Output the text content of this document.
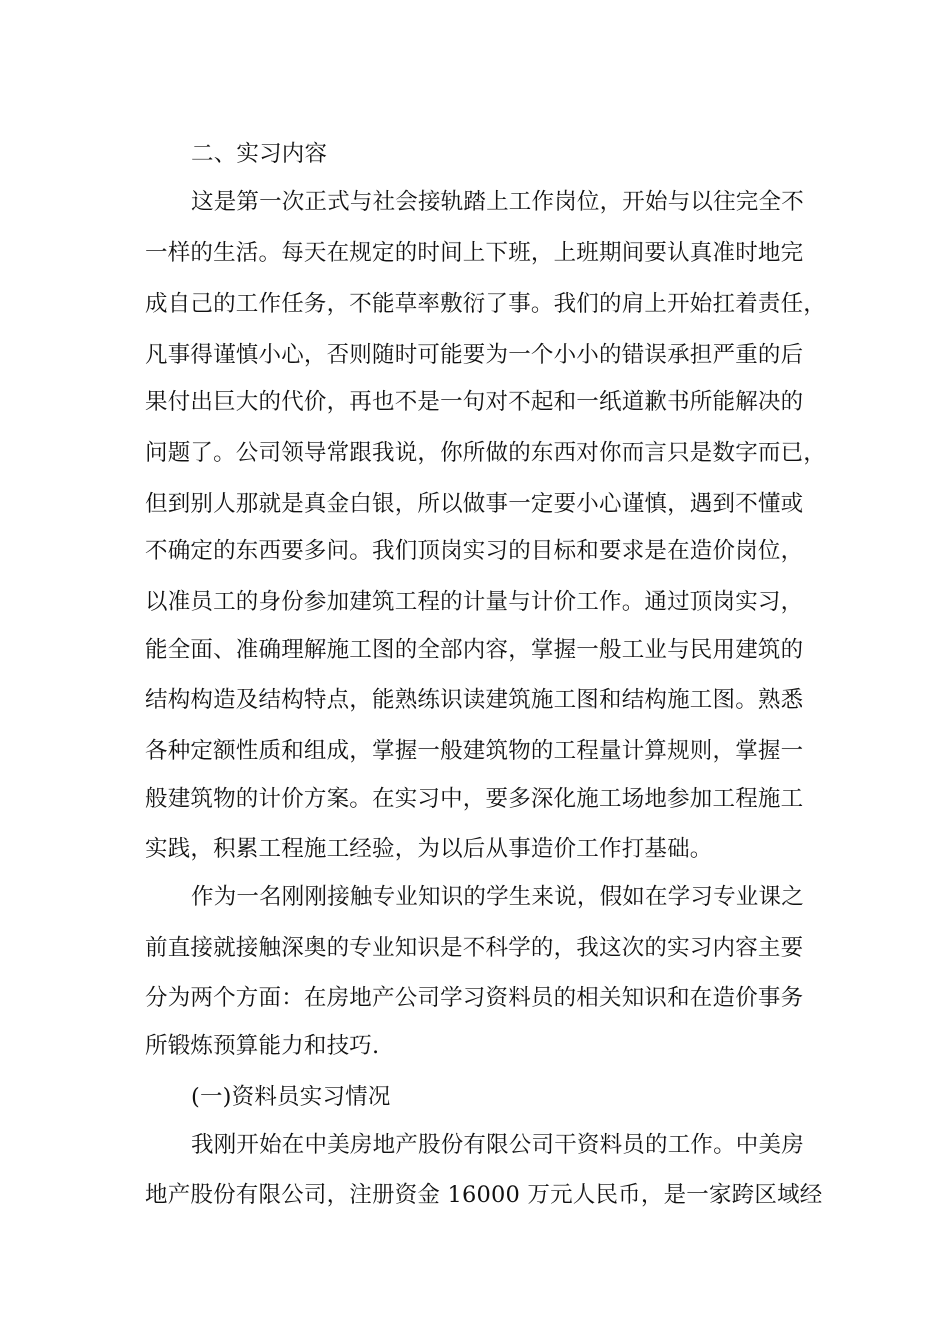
二、实习内容
这是第一次正式与社会接轨踏上工作岗位，开始与以往完全不
一样的生活。每天在规定的时间上下班，上班期间要认真准时地完
成自己的工作任务，不能草率敷衍了事。我们的肩上开始扛着责任，
凡事得谨慎小心，否则随时可能要为一个小小的错误承担严重的后
果付出巨大的代价，再也不是一句对不起和一纸道歉书所能解决的
问题了。公司领导常跟我说，你所做的东西对你而言只是数字而已，
但到别人那就是真金白银，所以做事一定要小心谨慎，遇到不懂或
不确定的东西要多问。我们顶岗实习的目标和要求是在造价岗位，
以准员工的身份参加建筑工程的计量与计价工作。通过顶岗实习，
能全面、准确理解施工图的全部内容，掌握一般工业与民用建筑的
结构构造及结构特点，能熟练识读建筑施工图和结构施工图。熟悉
各种定额性质和组成，掌握一般建筑物的工程量计算规则，掌握一
般建筑物的计价方案。在实习中，要多深化施工场地参加工程施工
实践，积累工程施工经验，为以后从事造价工作打基础。
作为一名刚刚接触专业知识的学生来说，假如在学习专业课之
前直接就接触深奥的专业知识是不科学的，我这次的实习内容主要
分为两个方面：在房地产公司学习资料员的相关知识和在造价事务
所锻炼预算能力和技巧.
(一)资料员实习情况
我刚开始在中美房地产股份有限公司干资料员的工作。中美房
地产股份有限公司，注册资金 16000 万元人民币，是一家跨区域经
